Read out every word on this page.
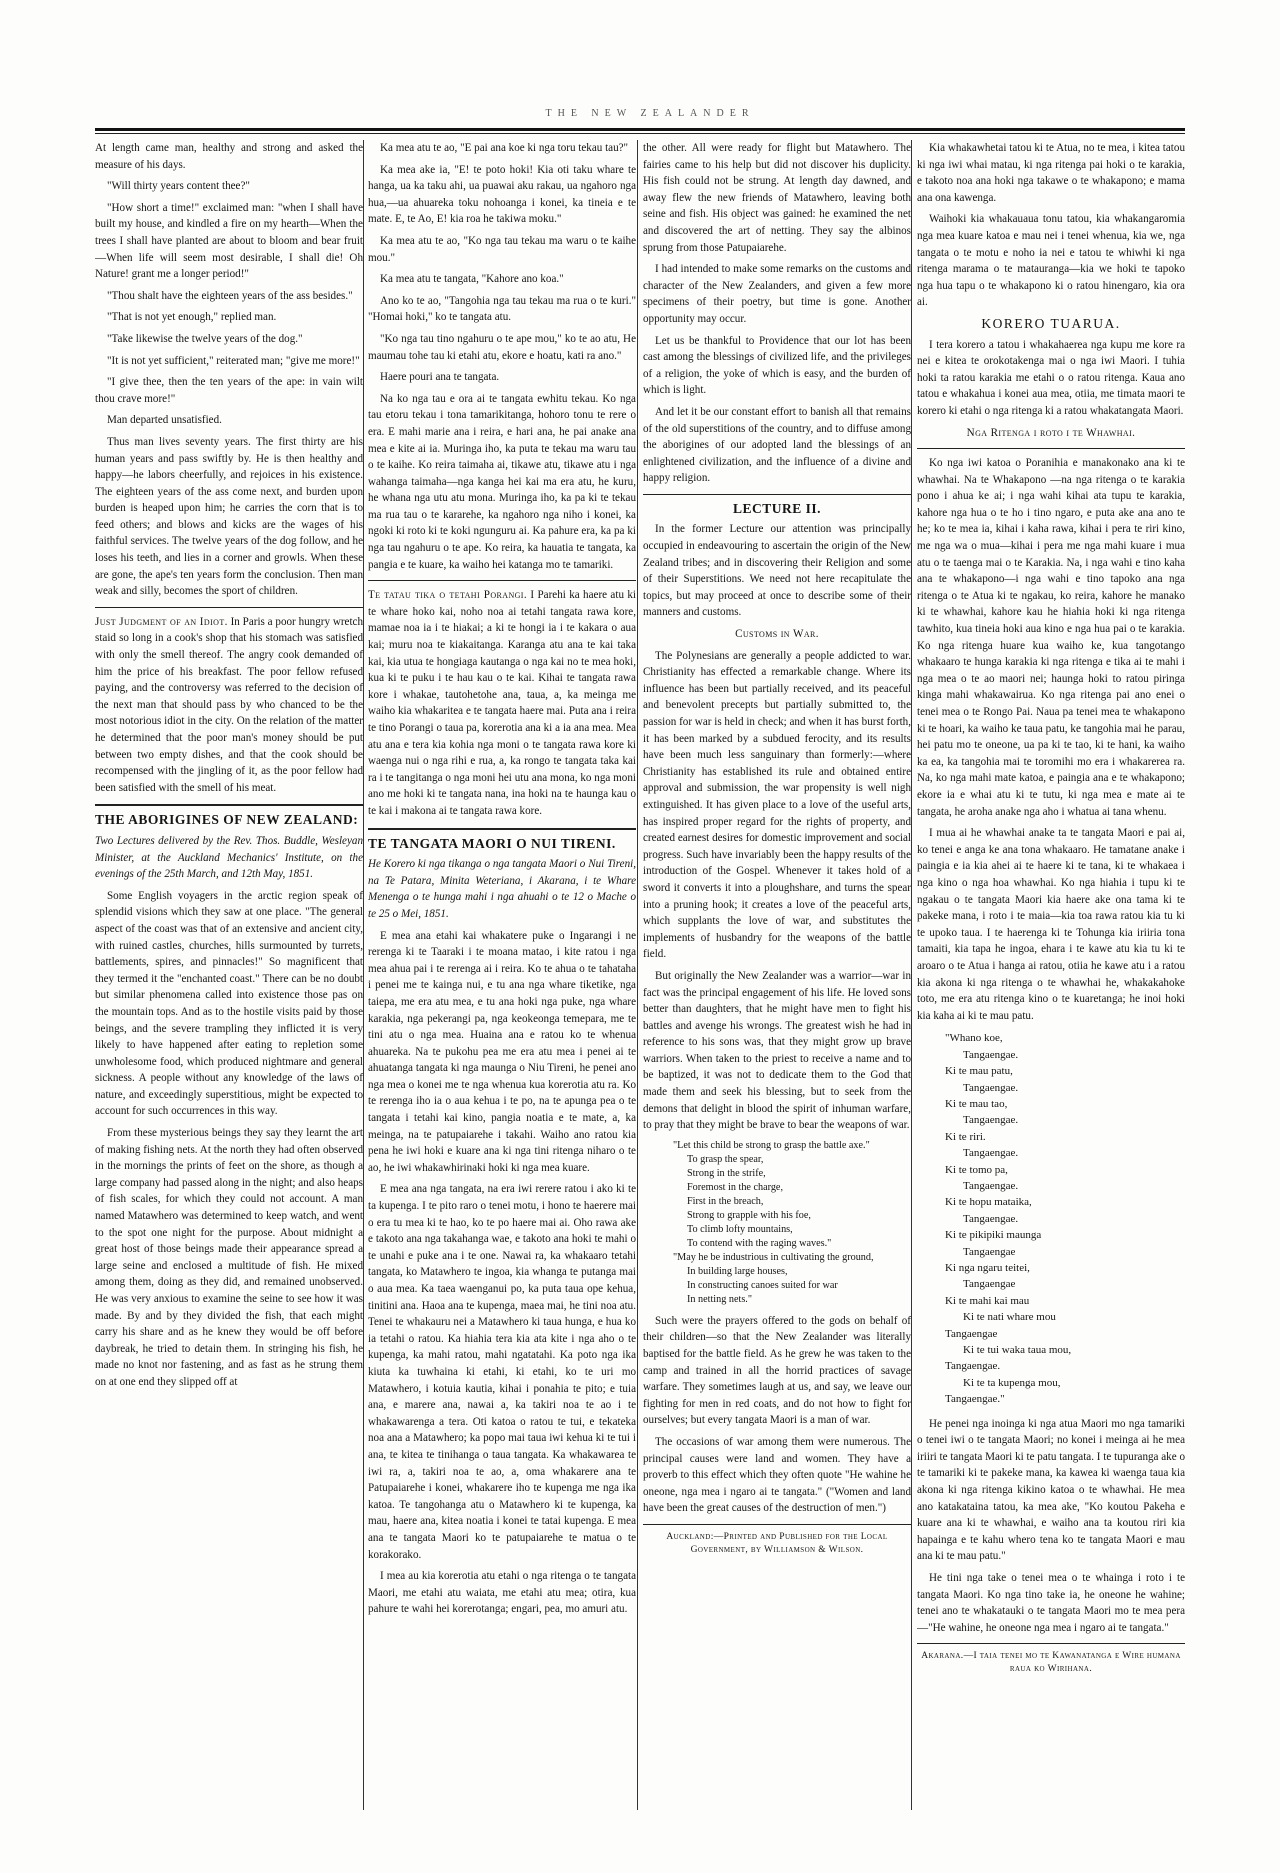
THE NEW ZEALANDER

At length came man, healthy and strong and asked the measure of his days.

"Will thirty years content thee?"

"How short a time!" exclaimed man: "when I shall have built my house, and kindled a fire on my hearth—When the trees I shall have planted are about to bloom and bear fruit—When life will seem most desirable, I shall die! Oh Nature! grant me a longer period!"

"Thou shalt have the eighteen years of the ass besides."

"That is not yet enough," replied man.

"Take likewise the twelve years of the dog."

"It is not yet sufficient," reiterated man; "give me more!"

"I give thee, then the ten years of the ape: in vain wilt thou crave more!"

Man departed unsatisfied.

Thus man lives seventy years. The first thirty are his human years and pass swiftly by. He is then healthy and happy—he labors cheerfully, and rejoices in his existence. The eighteen years of the ass come next, and burden upon burden is heaped upon him; he carries the corn that is to feed others; and blows and kicks are the wages of his faithful services. The twelve years of the dog follow, and he loses his teeth, and lies in a corner and growls. When these are gone, the ape's ten years form the conclusion. Then man weak and silly, becomes the sport of children.

Just Judgment of an Idiot. In Paris a poor hungry wretch staid so long in a cook's shop that his stomach was satisfied with only the smell thereof. The angry cook demanded of him the price of his breakfast. The poor fellow refused paying, and the controversy was referred to the decision of the next man that should pass by who chanced to be the most notorious idiot in the city. On the relation of the matter he determined that the poor man's money should be put between two empty dishes, and that the cook should be recompensed with the jingling of it, as the poor fellow had been satisfied with the smell of his meat.

THE ABORIGINES OF NEW ZEALAND:

Two Lectures delivered by the Rev. Thos. Buddle, Wesleyan Minister, at the Auckland Mechanics' Institute, on the evenings of the 25th March, and 12th May, 1851.

Some English voyagers in the arctic region speak of splendid visions which they saw at one place. "The general aspect of the coast was that of an extensive and ancient city, with ruined castles, churches, hills surmounted by turrets, battlements, spires, and pinnacles!" So magnificent that they termed it the "enchanted coast." There can be no doubt but similar phenomena called into existence those pas on the mountain tops. And as to the hostile visits paid by those beings, and the severe trampling they inflicted it is very likely to have happened after eating to repletion some unwholesome food, which produced nightmare and general sickness. A people without any knowledge of the laws of nature, and exceedingly superstitious, might be expected to account for such occurrences in this way.

From these mysterious beings they say they learnt the art of making fishing nets. At the north they had often observed in the mornings the prints of feet on the shore, as though a large company had passed along in the night; and also heaps of fish scales, for which they could not account. A man named Matawhero was determined to keep watch, and went to the spot one night for the purpose. About midnight a great host of those beings made their appearance spread a large seine and enclosed a multitude of fish. He mixed among them, doing as they did, and remained unobserved. He was very anxious to examine the seine to see how it was made. By and by they divided the fish, that each might carry his share and as he knew they would be off before daybreak, he tried to detain them. In stringing his fish, he made no knot nor fastening, and as fast as he strung them on at one end they slipped off at

Ka mea atu te ao, "E pai ana koe ki nga toru tekau tau?"

Ka mea ake ia, "E! te poto hoki! Kia oti taku whare te hanga, ua ka taku ahi, ua puawai aku rakau, ua ngahoro nga hua,—ua ahuareka toku nohoanga i konei, ka tineia e te mate. E, te Ao, E! kia roa he takiwa moku."

Ka mea atu te ao, "Ko nga tau tekau ma waru o te kaihe mou."

Ka mea atu te tangata, "Kahore ano koa."

Ano ko te ao, "Tangohia nga tau tekau ma rua o te kuri." "Homai hoki," ko te tangata atu.

"Ko nga tau tino ngahuru o te ape mou," ko te ao atu, He maumau tohe tau ki etahi atu, ekore e hoatu, kati ra ano."

Haere pouri ana te tangata.

Na ko nga tau e ora ai te tangata ewhitu tekau. Ko nga tau etoru tekau i tona tamarikitanga, hohoro tonu te rere o era. E mahi marie ana i reira, e hari ana, he pai anake ana mea e kite ai ia. Muringa iho, ka puta te tekau ma waru tau o te kaihe. Ko reira taimaha ai, tikawe atu, tikawe atu i nga wahanga taimaha—nga kanga hei kai ma era atu, he kuru, he whana nga utu atu mona. Muringa iho, ka pa ki te tekau ma rua tau o te kararehe, ka ngahoro nga niho i konei, ka ngoki ki roto ki te koki ngunguru ai. Ka pahure era, ka pa ki nga tau ngahuru o te ape. Ko reira, ka hauatia te tangata, ka pangia e te kuare, ka waiho hei katanga mo te tamariki.

Te tatau tika o tetahi Porangi. I Parehi ka haere atu ki te whare hoko kai, noho noa ai tetahi tangata rawa kore, mamae noa ia i te hiakai; a ki te hongi ia i te kakara o aua kai; muru noa te kiakaitanga. Karanga atu ana te kai taka kai, kia utua te hongiaga kautanga o nga kai no te mea hoki, kua ki te puku i te hau kau o te kai. Kihai te tangata rawa kore i whakae, tautohetohe ana, taua, a, ka meinga me waiho kia whakaritea e te tangata haere mai. Puta ana i reira te tino Porangi o taua pa, korerotia ana ki a ia ana mea. Mea atu ana e tera kia kohia nga moni o te tangata rawa kore ki waenga nui o nga rihi e rua, a, ka rongo te tangata taka kai ra i te tangitanga o nga moni hei utu ana mona, ko nga moni ano me hoki ki te tangata nana, ina hoki na te haunga kau o te kai i makona ai te tangata rawa kore.

TE TANGATA MAORI O NUI TIRENI.

He Korero ki nga tikanga o nga tangata Maori o Nui Tireni, na Te Patara, Minita Weteriana, i Akarana, i te Whare Menenga o te hunga mahi i nga ahuahi o te 12 o Mache o te 25 o Mei, 1851.

E mea ana etahi kai whakatere puke o Ingarangi i ne rerenga ki te Taaraki i te moana matao, i kite ratou i nga mea ahua pai i te rerenga ai i reira. Ko te ahua o te tahataha i penei me te kainga nui, e tu ana nga whare tiketike, nga taiepa, me era atu mea, e tu ana hoki nga puke, nga whare karakia, nga pekerangi pa, nga keokeonga temepara, me te tini atu o nga mea. Huaina ana e ratou ko te whenua ahuareka. Na te pukohu pea me era atu mea i penei ai te ahuatanga tangata ki nga maunga o Niu Tireni, he penei ano nga mea o konei me te nga whenua kua korerotia atu ra. Ko te rerenga iho ia o aua kehua i te po, na te apunga pea o te tangata i tetahi kai kino, pangia noatia e te mate, a, ka meinga, na te patupaiarehe i takahi. Waiho ano ratou kia pena he iwi hoki e kuare ana ki nga tini ritenga niharo o te ao, he iwi whakawhirinaki hoki ki nga mea kuare.

E mea ana nga tangata, na era iwi rerere ratou i ako ki te ta kupenga. I te pito raro o tenei motu, i hono te haerere mai o era tu mea ki te hao, ko te po haere mai ai. Oho rawa ake e takoto ana nga takahanga wae, e takoto ana hoki te mahi o te unahi e puke ana i te one. Nawai ra, ka whakaaro tetahi tangata, ko Matawhero te ingoa, kia whanga te putanga mai o aua mea. Ka taea waenganui po, ka puta taua ope kehua, tinitini ana. Haoa ana te kupenga, maea mai, he tini noa atu. Tenei te whakauru nei a Matawhero ki taua hunga, e hua ko ia tetahi o ratou. Ka hiahia tera kia ata kite i nga aho o te kupenga, ka mahi ratou, mahi ngatatahi. Ka poto nga ika kiuta ka tuwhaina ki etahi, ki etahi, ko te uri mo Matawhero, i kotuia kautia, kihai i ponahia te pito; e tuia ana, e marere ana, nawai a, ka takiri noa te ao i te whakawarenga a tera. Oti katoa o ratou te tui, e tekateka noa ana a Matawhero; ka popo mai taua iwi kehua ki te tui i ana, te kitea te tinihanga o taua tangata. Ka whakawarea te iwi ra, a, takiri noa te ao, a, oma whakarere ana te Patupaiarehe i konei, whakarere iho te kupenga me nga ika katoa. Te tangohanga atu o Matawhero ki te kupenga, ka mau, haere ana, kitea noatia i konei te tatai kupenga. E mea ana te tangata Maori ko te patupaiarehe te matua o te korakorako.

I mea au kia korerotia atu etahi o nga ritenga o te tangata Maori, me etahi atu waiata, me etahi atu mea; otira, kua pahure te wahi hei korerotanga; engari, pea, mo amuri atu.

the other. All were ready for flight but Matawhero. The fairies came to his help but did not discover his duplicity. His fish could not be strung. At length day dawned, and away flew the new friends of Matawhero, leaving both seine and fish. His object was gained: he examined the net and discovered the art of netting. They say the albinos sprung from those Patupaiarehe.

I had intended to make some remarks on the customs and character of the New Zealanders, and given a few more specimens of their poetry, but time is gone. Another opportunity may occur.

Let us be thankful to Providence that our lot has been cast among the blessings of civilized life, and the privileges of a religion, the yoke of which is easy, and the burden of which is light.

And let it be our constant effort to banish all that remains of the old superstitions of the country, and to diffuse among the aborigines of our adopted land the blessings of an enlightened civilization, and the influence of a divine and happy religion.

LECTURE II.

In the former Lecture our attention was principally occupied in endeavouring to ascertain the origin of the New Zealand tribes; and in discovering their Religion and some of their Superstitions. We need not here recapitulate the topics, but may proceed at once to describe some of their manners and customs.

Customs in War.

The Polynesians are generally a people addicted to war. Christianity has effected a remarkable change. Where its influence has been but partially received, and its peaceful and benevolent precepts but partially submitted to, the passion for war is held in check; and when it has burst forth, it has been marked by a subdued ferocity, and its results have been much less sanguinary than formerly:—where Christianity has established its rule and obtained entire approval and submission, the war propensity is well nigh extinguished. It has given place to a love of the useful arts, has inspired proper regard for the rights of property, and created earnest desires for domestic improvement and social progress. Such have invariably been the happy results of the introduction of the Gospel. Whenever it takes hold of a sword it converts it into a ploughshare, and turns the spear into a pruning hook; it creates a love of the peaceful arts, which supplants the love of war, and substitutes the implements of husbandry for the weapons of the battle field.

But originally the New Zealander was a warrior—war in fact was the principal engagement of his life. He loved sons better than daughters, that he might have men to fight his battles and avenge his wrongs. The greatest wish he had in reference to his sons was, that they might grow up brave warriors. When taken to the priest to receive a name and to be baptized, it was not to dedicate them to the God that made them and seek his blessing, but to seek from the demons that delight in blood the spirit of inhuman warfare, to pray that they might be brave to bear the weapons of war.

"Let this child be strong to grasp the battle axe."
To grasp the spear,
Strong in the strife,
Foremost in the charge,
First in the breach,
Strong to grapple with his foe,
To climb lofty mountains,
To contend with the raging waves."
"May he be industrious in cultivating the ground,
In building large houses,
In constructing canoes suited for war
In netting nets."

Such were the prayers offered to the gods on behalf of their children—so that the New Zealander was literally baptised for the battle field. As he grew he was taken to the camp and trained in all the horrid practices of savage warfare. They sometimes laugh at us, and say, we leave our fighting for men in red coats, and do not how to fight for ourselves; but every tangata Maori is a man of war.

The occasions of war among them were numerous. The principal causes were land and women. They have a proverb to this effect which they often quote "He wahine he oneone, nga mea i ngaro ai te tangata." ("Women and land have been the great causes of the destruction of men.")

Auckland:—Printed and Published for the Local Government, by Williamson & Wilson.

Kia whakawhetai tatou ki te Atua, no te mea, i kitea tatou ki nga iwi whai matau, ki nga ritenga pai hoki o te karakia, e takoto noa ana hoki nga takawe o te whakapono; e mama ana ona kawenga.

Waihoki kia whakauaua tonu tatou, kia whakangaromia nga mea kuare katoa e mau nei i tenei whenua, kia we, nga tangata o te motu e noho ia nei e tatou te whiwhi ki nga ritenga marama o te matauranga—kia we hoki te tapoko nga hua tapu o te whakapono ki o ratou hinengaro, kia ora ai.

KORERO TUARUA.

I tera korero a tatou i whakahaerea nga kupu me kore ra nei e kitea te orokotakenga mai o nga iwi Maori. I tuhia hoki ta ratou karakia me etahi o o ratou ritenga. Kaua ano tatou e whakahua i konei aua mea, otiia, me timata maori te korero ki etahi o nga ritenga ki a ratou whakatangata Maori.

Nga Ritenga i roto i te Whawhai.

Ko nga iwi katoa o Poranihia e manakonako ana ki te whawhai. Na te Whakapono —na nga ritenga o te karakia pono i ahua ke ai; i nga wahi kihai ata tupu te karakia, kahore nga hua o te ho i tino ngaro, e puta ake ana ano te he; ko te mea ia, kihai i kaha rawa, kihai i pera te riri kino, me nga wa o mua—kihai i pera me nga mahi kuare i mua atu o te taenga mai o te Karakia. Na, i nga wahi e tino kaha ana te whakapono—i nga wahi e tino tapoko ana nga ritenga o te Atua ki te ngakau, ko reira, kahore he manako ki te whawhai, kahore kau he hiahia hoki ki nga ritenga tawhito, kua tineia hoki aua kino e nga hua pai o te karakia. Ko nga ritenga huare kua waiho ke, kua tangotango whakaaro te hunga karakia ki nga ritenga e tika ai te mahi i nga mea o te ao maori nei; haunga hoki to ratou piringa kinga mahi whakawairua. Ko nga ritenga pai ano enei o tenei mea o te Rongo Pai. Naua pa tenei mea te whakapono ki te hoari, ka waiho ke taua patu, ke tangohia mai he parau, hei patu mo te oneone, ua pa ki te tao, ki te hani, ka waiho ka ea, ka tangohia mai te toromihi mo era i whakarerea ra. Na, ko nga mahi mate katoa, e paingia ana e te whakapono; ekore ia e whai atu ki te tutu, ki nga mea e mate ai te tangata, he aroha anake nga aho i whatua ai tana whenu.

I mua ai he whawhai anake ta te tangata Maori e pai ai, ko tenei e anga ke ana tona whakaaro. He tamatane anake i paingia e ia kia ahei ai te haere ki te tana, ki te whakaea i nga kino o nga hoa whawhai. Ko nga hiahia i tupu ki te ngakau o te tangata Maori kia haere ake ona tama ki te pakeke mana, i roto i te maia—kia toa rawa ratou kia tu ki te upoko taua. I te haerenga ki te Tohunga kia iriiria tona tamaiti, kia tapa he ingoa, ehara i te kawe atu kia tu ki te aroaro o te Atua i hanga ai ratou, otiia he kawe atu i a ratou kia akona ki nga ritenga o te whawhai he, whakakahoke toto, me era atu ritenga kino o te kuaretanga; he inoi hoki kia kaha ai ki te mau patu.

"Whano koe,
Tangaengae.
Ki te mau patu,
Tangaengae.
Ki te mau tao,
Tangaengae.
Ki te riri.
Tangaengae.
Ki te tomo pa,
Tangaengae.
Ki te hopu mataika,
Tangaengae.
Ki te pikipiki maunga
Tangaengae
Ki nga ngaru teitei,
Tangaengae
Ki te mahi kai mau
Ki te nati whare mou
Tangaengae
Ki te tui waka taua mou,
Tangaengae.
Ki te ta kupenga mou,
Tangaengae."

He penei nga inoinga ki nga atua Maori mo nga tamariki o tenei iwi o te tangata Maori; no konei i meinga ai he mea iriiri te tangata Maori ki te patu tangata. I te tupuranga ake o te tamariki ki te pakeke mana, ka kawea ki waenga taua kia akona ki nga ritenga kikino katoa o te whawhai. He mea ano katakataina tatou, ka mea ake, "Ko koutou Pakeha e kuare ana ki te whawhai, e waiho ana ta koutou riri kia hapainga e te kahu whero tena ko te tangata Maori e mau ana ki te mau patu."

He tini nga take o tenei mea o te whainga i roto i te tangata Maori. Ko nga tino take ia, he oneone he wahine; tenei ano te whakatauki o te tangata Maori mo te mea pera—"He wahine, he oneone nga mea i ngaro ai te tangata."

Akarana.—I taia tenei mo te Kawanatanga e Wire humana raua ko Wirihana.
